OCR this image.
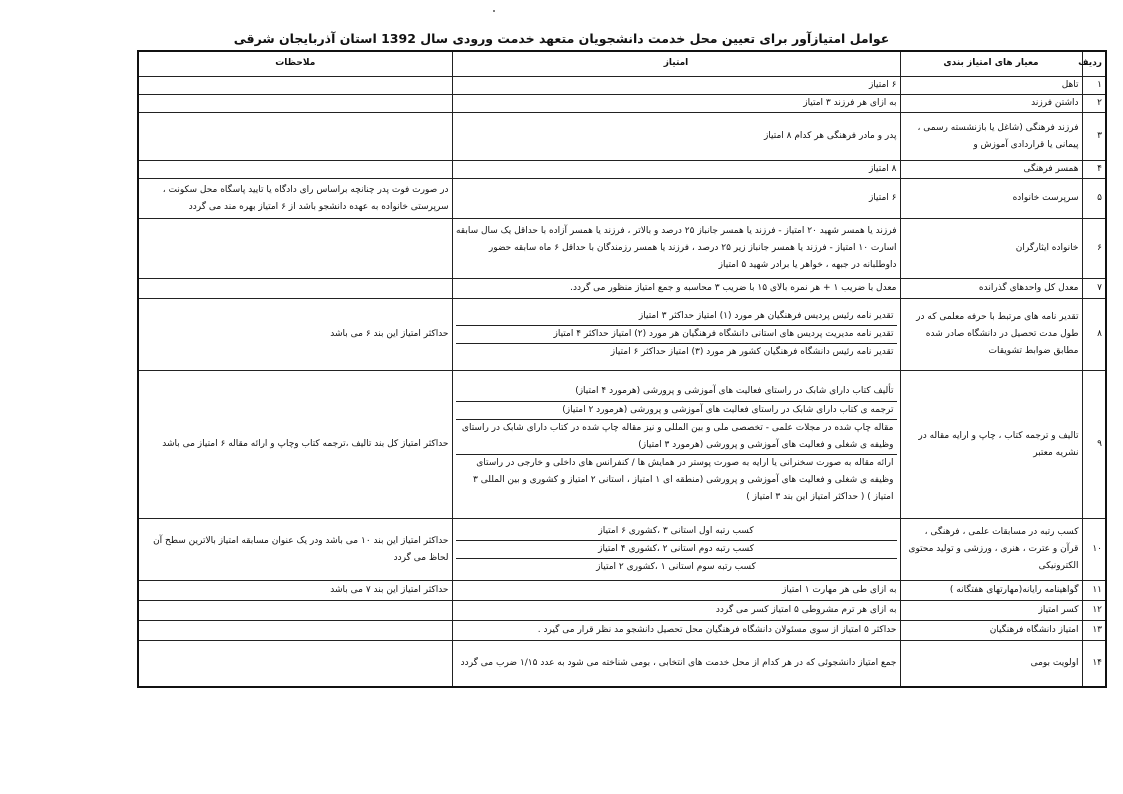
عوامل امتیازآور برای تعیین محل خدمت دانشجویان متعهد خدمت ورودی سال 1392 استان آذربایجان شرقی
ردیف	معیار های امتیاز بندی	امتیاز	ملاحظات
۱	تاهل	۶ امتیاز	
۲	داشتن فرزند	به ازای هر فرزند ۳ امتیاز	
۳	فرزند فرهنگی (شاغل یا بازنشسته رسمی ، پیمانی یا قراردادی آموزش و	پدر و مادر فرهنگی هر کدام ۸ امتیاز	
۴	همسر فرهنگی	۸ امتیاز	
۵	سرپرست خانواده	۶ امتیاز	در صورت فوت پدر چنانچه براساس رای دادگاه یا تایید پاسگاه محل سکونت ، سرپرستی خانواده به عهده دانشجو باشد از ۶ امتیاز بهره مند می گردد
۶	خانواده ایثارگران	فرزند یا همسر شهید ۲۰ امتیاز - فرزند یا همسر جانباز ۲۵ درصد و بالاتر ، فرزند یا همسر آزاده با حداقل یک سال سابقه اسارت ۱۰ امتیاز - فرزند یا همسر جانباز زیر ۲۵ درصد ، فرزند یا همسر رزمندگان با حداقل ۶ ماه سابقه حضور داوطلبانه در جبهه ، خواهر یا برادر شهید ۵ امتیاز	
۷	معدل کل واحدهای گذرانده	معدل با ضریب ۱ + هر نمره بالای ۱۵ با ضریب ۳ محاسبه و جمع امتیاز منظور می گردد.	
۸	تقدیر نامه های مرتبط با حرفه معلمی که در طول مدت تحصیل در دانشگاه صادر شده مطابق ضوابط تشویقات	تقدیر نامه رئیس پردیس فرهنگیان هر مورد (۱) امتیاز حداکثر ۳ امتیاز
تقدیر نامه مدیریت پردیس های استانی دانشگاه فرهنگیان هر مورد (۲) امتیاز حداکثر ۴ امتیاز
تقدیر نامه رئیس دانشگاه فرهنگیان کشور هر مورد (۳) امتیاز حداکثر ۶ امتیاز	حداکثر امتیاز این بند ۶ می باشد
۹	تالیف و ترجمه کتاب ، چاپ و ارایه مقاله در نشریه معتبر	تألیف کتاب دارای شابک در راستای فعالیت های آموزشی و پرورشی (هرمورد ۴ امتیاز)
ترجمه ی کتاب دارای شابک در راستای فعالیت های آموزشی و پرورشی (هرمورد ۲ امتیاز)
مقاله چاپ شده در مجلات علمی - تخصصی ملی و بین المللی و نیز مقاله چاپ شده در کتاب دارای شابک در راستای وظیفه ی شغلی و فعالیت های آموزشی و پرورشی (هرمورد ۳ امتیاز)
ارائه مقاله به صورت سخنرانی یا ارایه به صورت پوستر در همایش ها / کنفرانس های داخلی و خارجی در راستای وظیفه ی شغلی و فعالیت های آموزشی و پرورشی (منطقه ای ۱ امتیاز ، استانی ۲ امتیاز و کشوری و بین المللی ۳ امتیاز ) ( حداکثر امتیاز این بند ۳ امتیاز )	حداکثر امتیاز کل بند تالیف ،ترجمه کتاب وچاپ و ارائه مقاله ۶ امتیاز می باشد
۱۰	کسب رتبه در مسابقات علمی ، فرهنگی ، قرآن و عترت ، هنری ، ورزشی و تولید محتوی الکترونیکی	کسب رتبه اول استانی ۳ ،کشوری ۶ امتیاز
کسب رتبه دوم استانی ۲ ،کشوری ۴ امتیاز
کسب رتبه سوم استانی ۱ ،کشوری ۲ امتیاز	حداکثر امتیاز این بند ۱۰ می باشد ودر یک عنوان مسابقه امتیاز بالاترین سطح آن لحاظ می گردد
۱۱	گواهینامه رایانه(مهارتهای هفتگانه )	به ازای طی هر مهارت ۱ امتیاز	حداکثر امتیاز این بند ۷ می باشد
۱۲	کسر امتیاز	به ازای هر ترم مشروطی ۵ امتیاز کسر می گردد	
۱۳	امتیاز دانشگاه فرهنگیان	حداکثر ۵ امتیاز از سوی مسئولان دانشگاه فرهنگیان محل تحصیل دانشجو مد نظر قرار می گیرد .	
۱۴	اولویت بومی	جمع امتیاز دانشجوئی که در هر کدام از محل خدمت های انتخابی ، بومی شناخته می شود به عدد ۱/۱۵ ضرب می گردد	
